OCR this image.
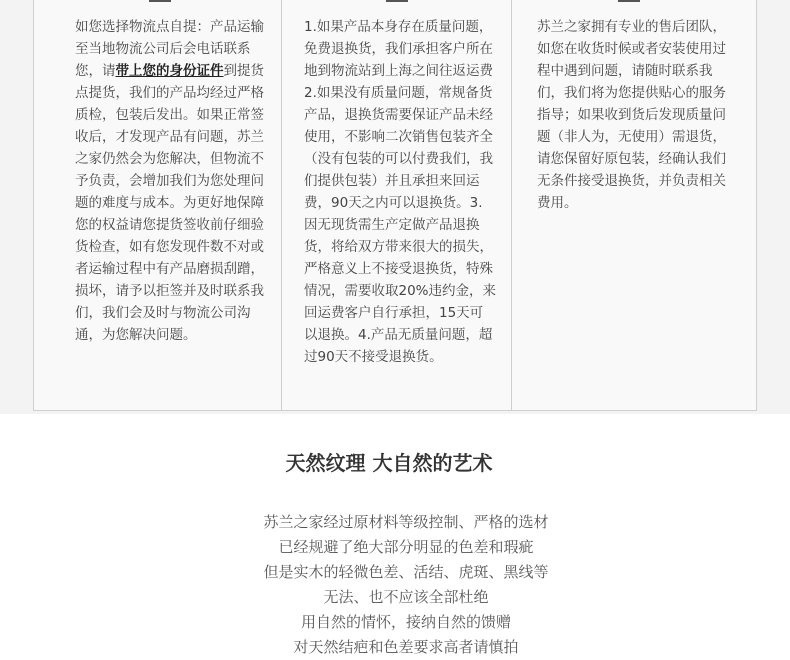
如您选择物流点自提：产品运输至当地物流公司后会电话联系您，请带上您的身份证件到提货点提货，我们的产品均经过严格质检，包装后发出。如果正常签收后，才发现产品有问题，苏兰之家仍然会为您解决，但物流不予负责，会增加我们为您处理问题的难度与成本。为更好地保障您的权益请您提货签收前仔细验货检查，如有您发现件数不对或者运输过程中有产品磨损刮蹭，损坏，请予以拒签并及时联系我们，我们会及时与物流公司沟通，为您解决问题。

1.如果产品本身存在质量问题，免费退换货，我们承担客户所在地到物流站到上海之间往返运费2.如果没有质量问题，常规备货产品，退换货需要保证产品未经使用，不影响二次销售包装齐全（没有包装的可以付费我们，我们提供包装）并且承担来回运费，90天之内可以退换货。3.因无现货需生产定做产品退换货，将给双方带来很大的损失，严格意义上不接受退换货，特殊情况，需要收取20%违约金，来回运费客户自行承担，15天可以退换。4.产品无质量问题，超过90天不接受退换货。

苏兰之家拥有专业的售后团队，如您在收货时候或者安装使用过程中遇到问题，请随时联系我们，我们将为您提供贴心的服务指导；如果收到货后发现质量问题（非人为，无使用）需退货，请您保留好原包装，经确认我们无条件接受退换货，并负责相关费用。

天然纹理 大自然的艺术
苏兰之家经过原材料等级控制、严格的选材
已经规避了绝大部分明显的色差和瑕疵
但是实木的轻微色差、活结、虎斑、黑线等
无法、也不应该全部杜绝
用自然的情怀，接纳自然的馈赠
对天然结疤和色差要求高者请慎拍
